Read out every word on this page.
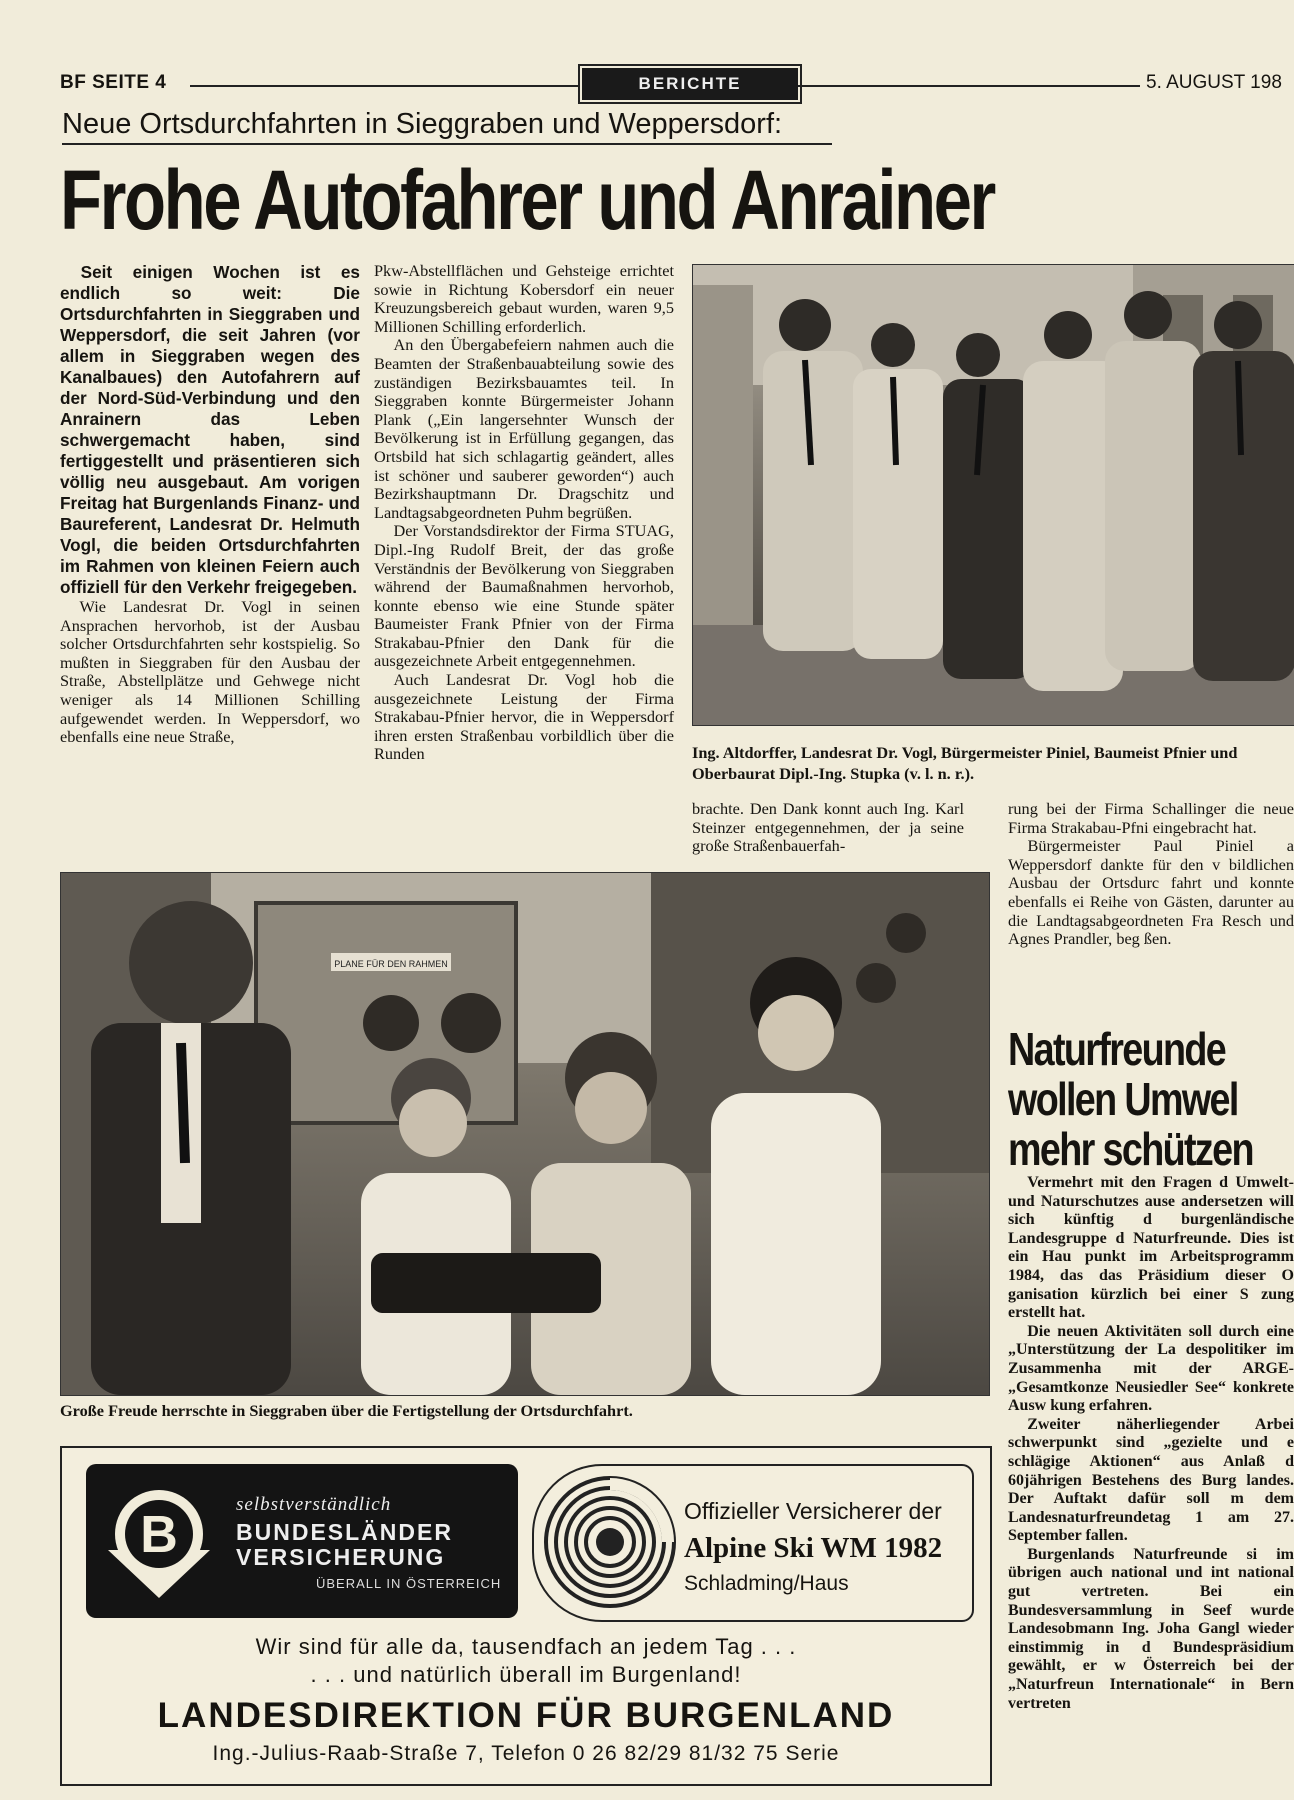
BF SEITE 4	BERICHTE	5. AUGUST 198
Neue Ortsdurchfahrten in Sieggraben und Weppersdorf:
Frohe Autofahrer und Anrainer

Seit einigen Wochen ist es endlich so weit: Die Ortsdurchfahrten in Sieggraben und Weppersdorf, die seit Jahren (vor allem in Sieggraben wegen des Kanalbaues) den Autofahrern auf der Nord-Süd-Verbindung und den Anrainern das Leben schwergemacht haben, sind fertiggestellt und präsentieren sich völlig neu ausgebaut. Am vorigen Freitag hat Burgenlands Finanz- und Baureferent, Landesrat Dr. Helmuth Vogl, die beiden Ortsdurchfahrten im Rahmen von kleinen Feiern auch offiziell für den Verkehr freigegeben.

Wie Landesrat Dr. Vogl in seinen Ansprachen hervorhob, ist der Ausbau solcher Ortsdurchfahrten sehr kostspielig. So mußten in Sieggraben für den Ausbau der Straße, Abstellplätze und Gehwege nicht weniger als 14 Millionen Schilling aufgewendet werden. In Weppersdorf, wo ebenfalls eine neue Straße,

Pkw-Abstellflächen und Gehsteige errichtet sowie in Richtung Kobersdorf ein neuer Kreuzungsbereich gebaut wurden, waren 9,5 Millionen Schilling erforderlich.

An den Übergabefeiern nahmen auch die Beamten der Straßenbauabteilung sowie des zuständigen Bezirksbauamtes teil. In Sieggraben konnte Bürgermeister Johann Plank („Ein langersehnter Wunsch der Bevölkerung ist in Erfüllung gegangen, das Ortsbild hat sich schlagartig geändert, alles ist schöner und sauberer geworden“) auch Bezirkshauptmann Dr. Dragschitz und Landtagsabgeordneten Puhm begrüßen.

Der Vorstandsdirektor der Firma STUAG, Dipl.-Ing Rudolf Breit, der das große Verständnis der Bevölkerung von Sieggraben während der Baumaßnahmen hervorhob, konnte ebenso wie eine Stunde später Baumeister Frank Pfnier von der Firma Strakabau-Pfnier den Dank für die ausgezeichnete Arbeit entgegennehmen.

Auch Landesrat Dr. Vogl hob die ausgezeichnete Leistung der Firma Strakabau-Pfnier hervor, die in Weppersdorf ihren ersten Straßenbau vorbildlich über die Runden	Ing. Altdorffer, Landesrat Dr. Vogl, Bürgermeister Piniel, Baumeist Pfnier und Oberbaurat Dipl.-Ing. Stupka (v. l. n. r.).

brachte. Den Dank konnt auch Ing. Karl Steinzer entgegennehmen, der ja seine große Straßenbauerfah-

rung bei der Firma Schallinger die neue Firma Strakabau-Pfni eingebracht hat.

Bürgermeister Paul Piniel a Weppersdorf dankte für den v bildlichen Ausbau der Ortsdurc fahrt und konnte ebenfalls ei Reihe von Gästen, darunter au die Landtagsabgeordneten Fra Resch und Agnes Prandler, beg ßen.

PLANE FÜR DEN RAHMEN
Große Freude herrschte in Sieggraben über die Fertigstellung der Ortsdurchfahrt.
Naturfreunde
wollen Umwel
mehr schützen

Vermehrt mit den Fragen d Umwelt- und Naturschutzes ause andersetzen will sich künftig d burgenländische Landesgruppe d Naturfreunde. Dies ist ein Hau punkt im Arbeitsprogramm 1984, das das Präsidium dieser O ganisation kürzlich bei einer S zung erstellt hat.

Die neuen Aktivitäten soll durch eine „Unterstützung der La despolitiker im Zusammenha mit der ARGE-„Gesamtkonze Neusiedler See“ konkrete Ausw kung erfahren.

Zweiter näherliegender Arbei schwerpunkt sind „gezielte und e schlägige Aktionen“ aus Anlaß d 60jährigen Bestehens des Burg landes. Der Auftakt dafür soll m dem Landesnaturfreundetag 1 am 27. September fallen.

Burgenlands Naturfreunde si im übrigen auch national und int national gut vertreten. Bei ein Bundesversammlung in Seef wurde Landesobmann Ing. Joha Gangl wieder einstimmig in d Bundespräsidium gewählt, er w Österreich bei der „Naturfreun Internationale“ in Bern vertreten

B
selbstverständlich
BUNDESLÄNDER
VERSICHERUNG
ÜBERALL IN ÖSTERREICH
Offizieller Versicherer der
Alpine Ski WM 1982
Schladming/Haus
Wir sind für alle da, tausendfach an jedem Tag . . .
. . . und natürlich überall im Burgenland!
LANDESDIREKTION FÜR BURGENLAND
Ing.-Julius-Raab-Straße 7, Telefon 0 26 82/29 81/32 75 Serie
